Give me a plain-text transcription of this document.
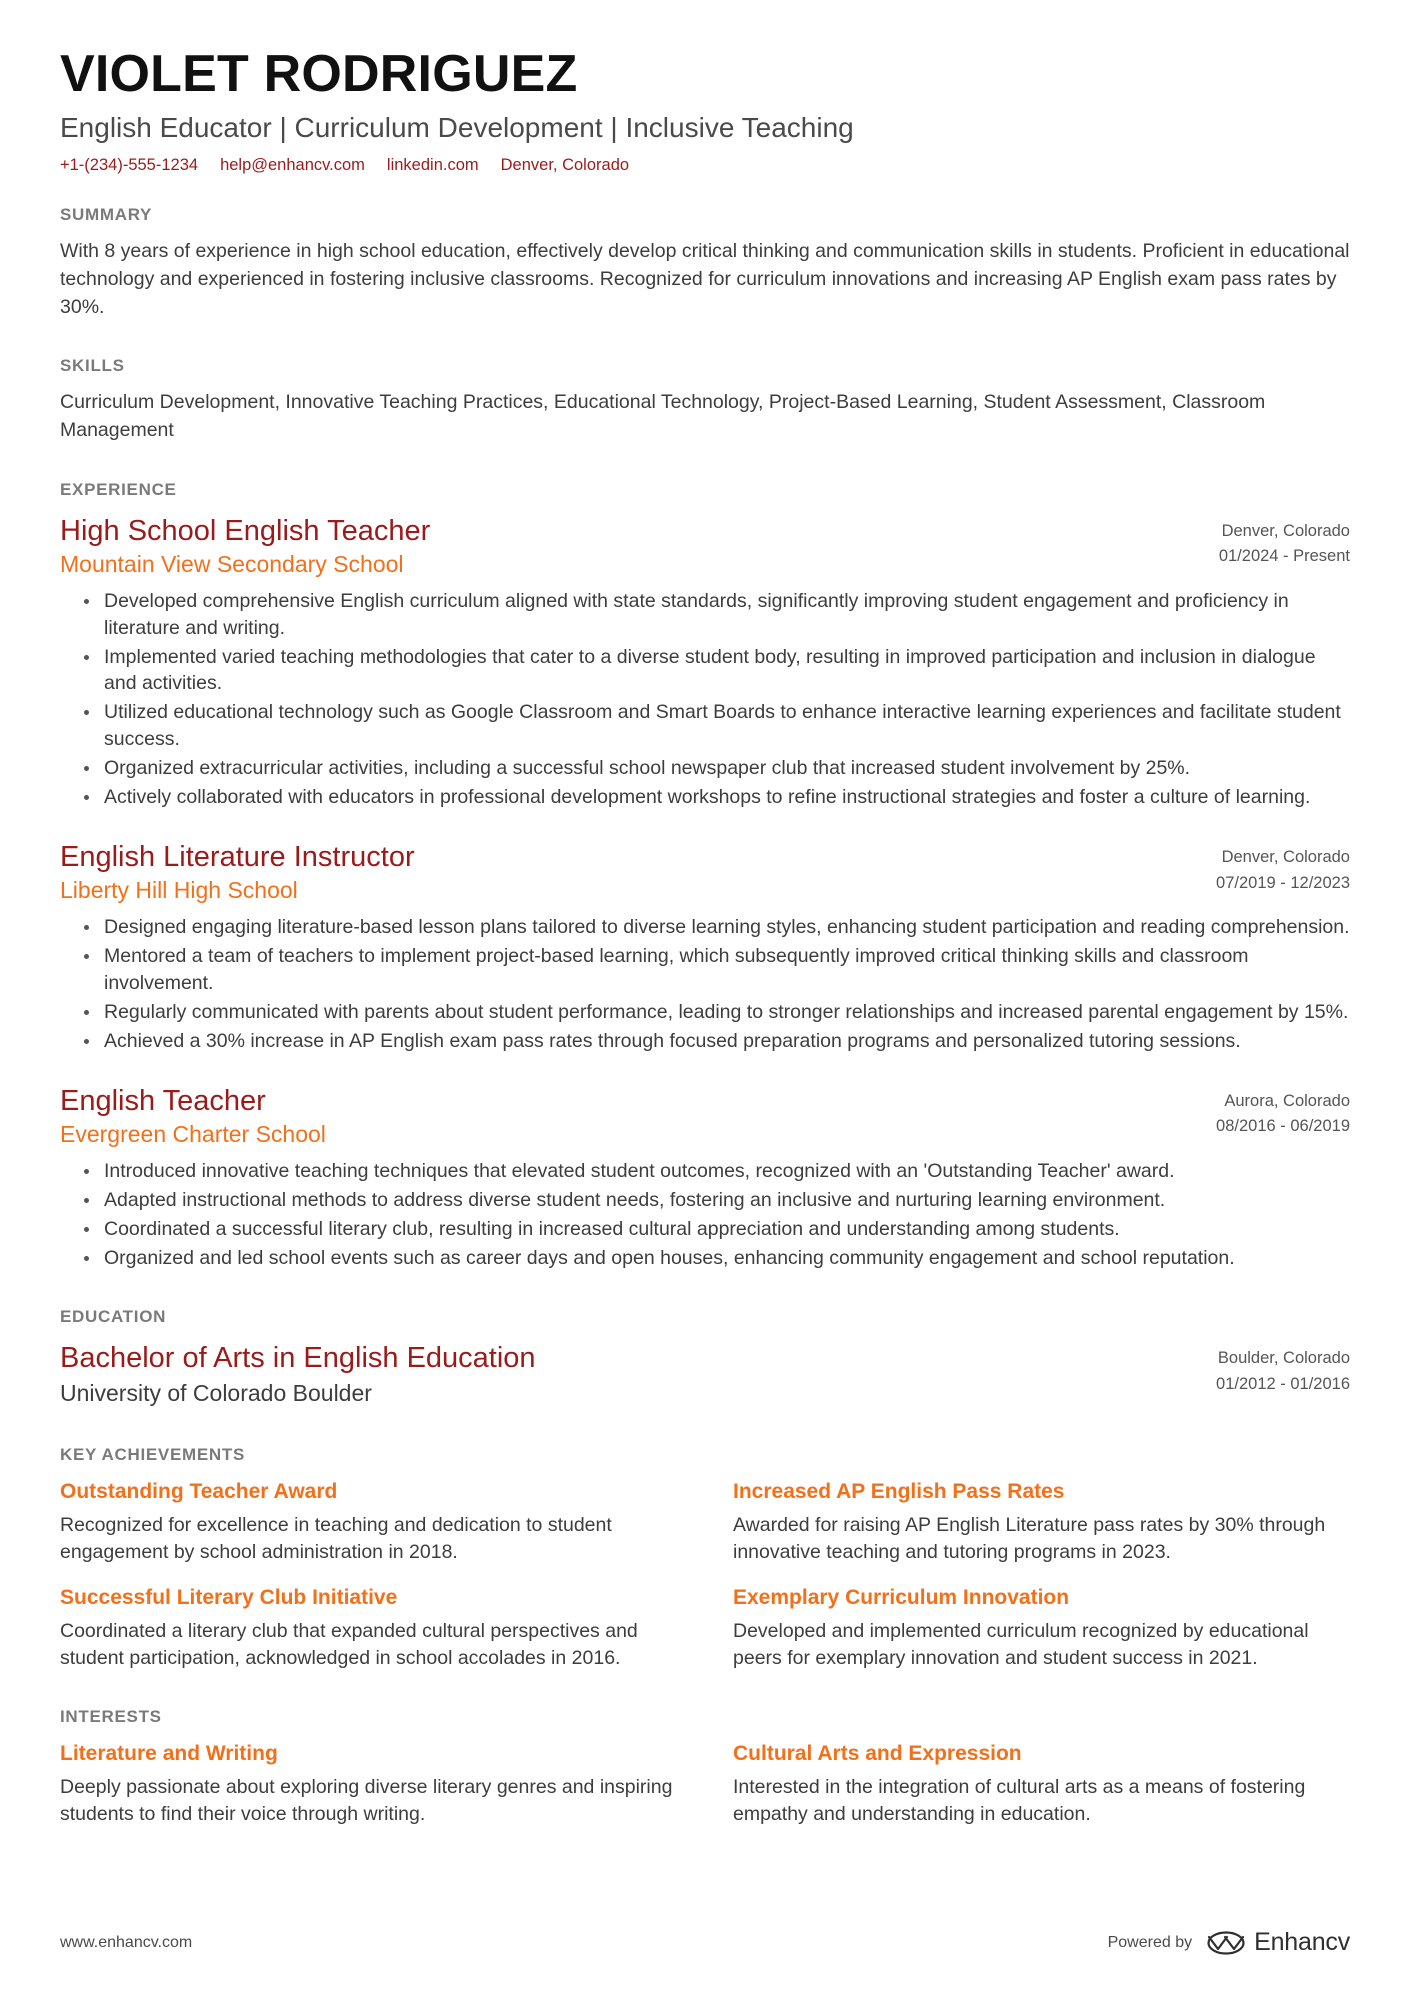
VIOLET RODRIGUEZ
English Educator | Curriculum Development | Inclusive Teaching
+1-(234)-555-1234 help@enhancv.com linkedin.com Denver, Colorado
SUMMARY
With 8 years of experience in high school education, effectively develop critical thinking and communication skills in students. Proficient in educational technology and experienced in fostering inclusive classrooms. Recognized for curriculum innovations and increasing AP English exam pass rates by 30%.
SKILLS
Curriculum Development, Innovative Teaching Practices, Educational Technology, Project-Based Learning, Student Assessment, Classroom Management
EXPERIENCE
High School English Teacher
Mountain View Secondary School
Denver, Colorado
01/2024 - Present
Developed comprehensive English curriculum aligned with state standards, significantly improving student engagement and proficiency in literature and writing.
Implemented varied teaching methodologies that cater to a diverse student body, resulting in improved participation and inclusion in dialogue and activities.
Utilized educational technology such as Google Classroom and Smart Boards to enhance interactive learning experiences and facilitate student success.
Organized extracurricular activities, including a successful school newspaper club that increased student involvement by 25%.
Actively collaborated with educators in professional development workshops to refine instructional strategies and foster a culture of learning.
English Literature Instructor
Liberty Hill High School
Denver, Colorado
07/2019 - 12/2023
Designed engaging literature-based lesson plans tailored to diverse learning styles, enhancing student participation and reading comprehension.
Mentored a team of teachers to implement project-based learning, which subsequently improved critical thinking skills and classroom involvement.
Regularly communicated with parents about student performance, leading to stronger relationships and increased parental engagement by 15%.
Achieved a 30% increase in AP English exam pass rates through focused preparation programs and personalized tutoring sessions.
English Teacher
Evergreen Charter School
Aurora, Colorado
08/2016 - 06/2019
Introduced innovative teaching techniques that elevated student outcomes, recognized with an 'Outstanding Teacher' award.
Adapted instructional methods to address diverse student needs, fostering an inclusive and nurturing learning environment.
Coordinated a successful literary club, resulting in increased cultural appreciation and understanding among students.
Organized and led school events such as career days and open houses, enhancing community engagement and school reputation.
EDUCATION
Bachelor of Arts in English Education
University of Colorado Boulder
Boulder, Colorado
01/2012 - 01/2016
KEY ACHIEVEMENTS
Outstanding Teacher Award
Recognized for excellence in teaching and dedication to student engagement by school administration in 2018.
Increased AP English Pass Rates
Awarded for raising AP English Literature pass rates by 30% through innovative teaching and tutoring programs in 2023.
Successful Literary Club Initiative
Coordinated a literary club that expanded cultural perspectives and student participation, acknowledged in school accolades in 2016.
Exemplary Curriculum Innovation
Developed and implemented curriculum recognized by educational peers for exemplary innovation and student success in 2021.
INTERESTS
Literature and Writing
Deeply passionate about exploring diverse literary genres and inspiring students to find their voice through writing.
Cultural Arts and Expression
Interested in the integration of cultural arts as a means of fostering empathy and understanding in education.
www.enhancv.com	Powered by Enhancv
